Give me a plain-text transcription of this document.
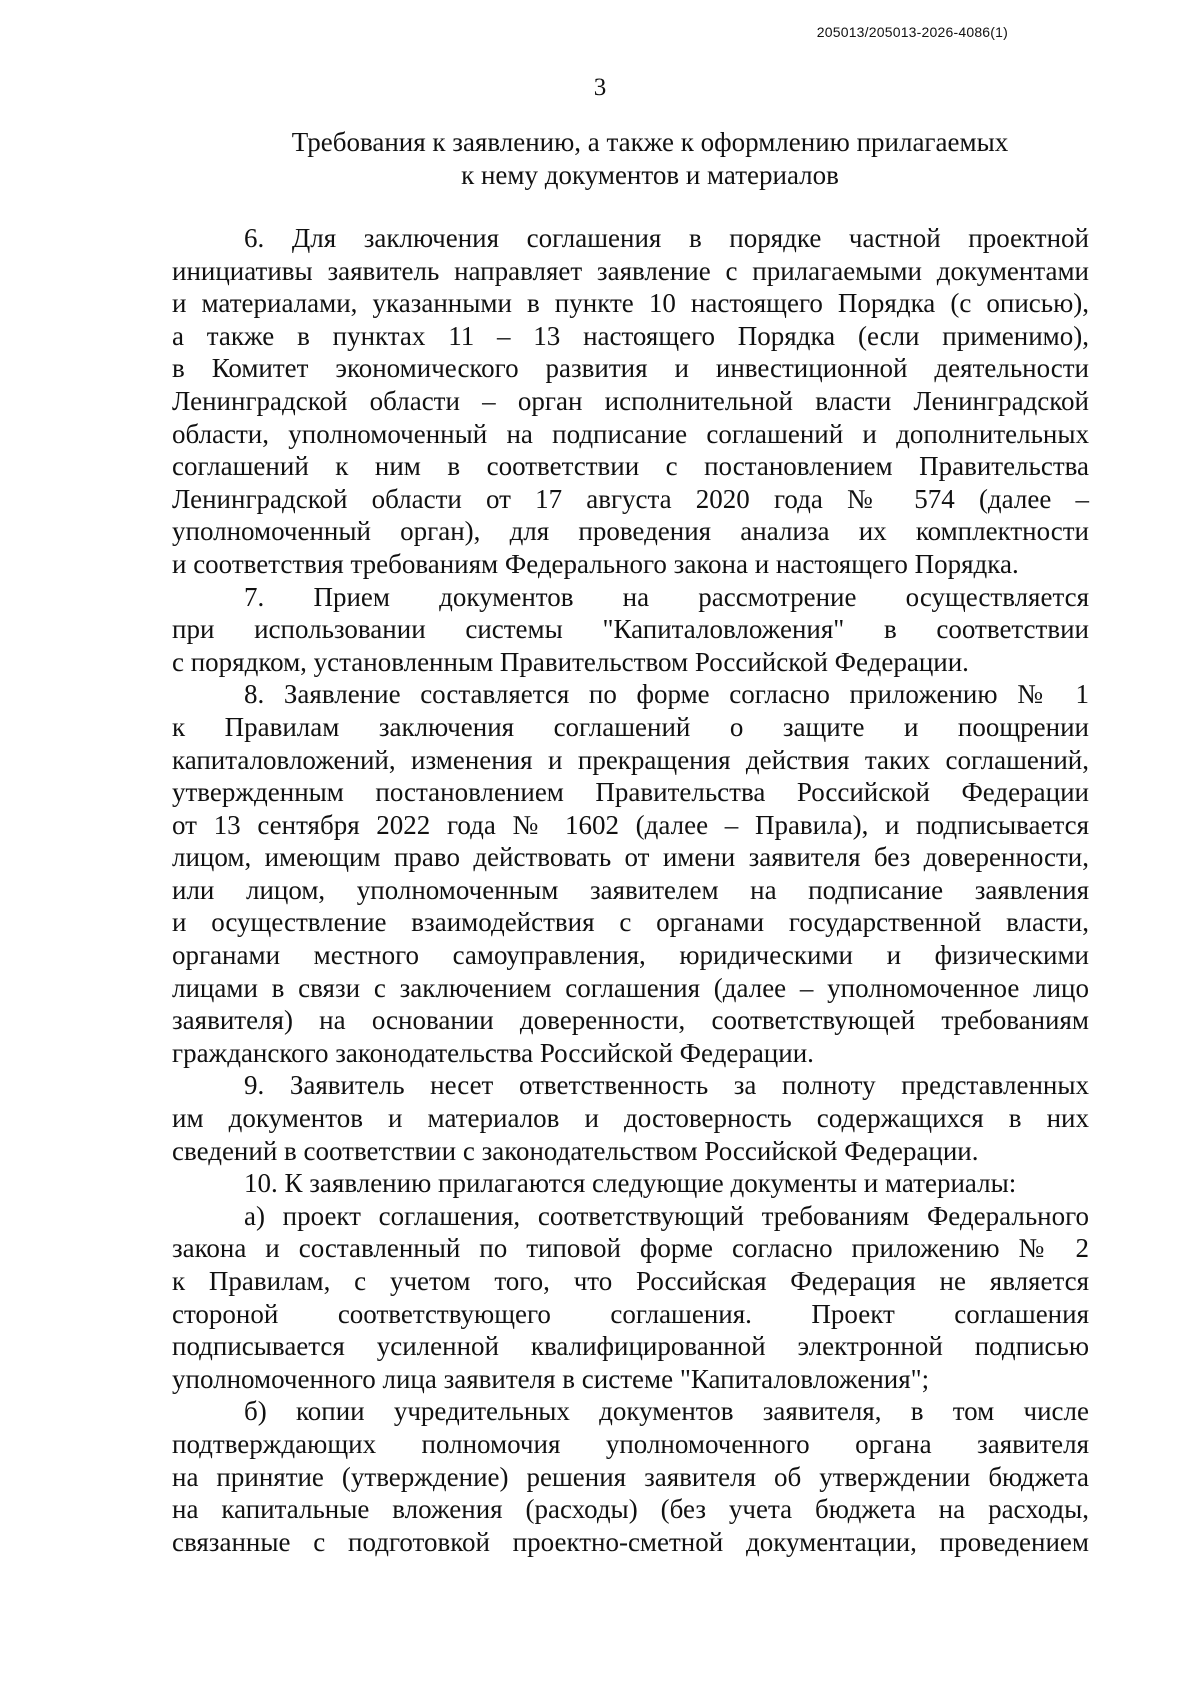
205013/205013-2026-4086(1)
3
Требования к заявлению, а также к оформлению прилагаемых
к нему документов и материалов
6. Для заключения соглашения в порядке частной проектной
инициативы заявитель направляет заявление с прилагаемыми документами
и материалами, указанными в пункте 10 настоящего Порядка (с описью),
а также в пунктах 11 – 13 настоящего Порядка (если применимо),
в Комитет экономического развития и инвестиционной деятельности
Ленинградской области – орган исполнительной власти Ленинградской
области, уполномоченный на подписание соглашений и дополнительных
соглашений к ним в соответствии с постановлением Правительства
Ленинградской области от 17 августа 2020 года № 574 (далее –
уполномоченный орган), для проведения анализа их комплектности
и соответствия требованиям Федерального закона и настоящего Порядка.
7. Прием документов на рассмотрение осуществляется
при использовании системы "Капиталовложения" в соответствии
с порядком, установленным Правительством Российской Федерации.
8. Заявление составляется по форме согласно приложению № 1
к Правилам заключения соглашений о защите и поощрении
капиталовложений, изменения и прекращения действия таких соглашений,
утвержденным постановлением Правительства Российской Федерации
от 13 сентября 2022 года № 1602 (далее – Правила), и подписывается
лицом, имеющим право действовать от имени заявителя без доверенности,
или лицом, уполномоченным заявителем на подписание заявления
и осуществление взаимодействия с органами государственной власти,
органами местного самоуправления, юридическими и физическими
лицами в связи с заключением соглашения (далее – уполномоченное лицо
заявителя) на основании доверенности, соответствующей требованиям
гражданского законодательства Российской Федерации.
9. Заявитель несет ответственность за полноту представленных
им документов и материалов и достоверность содержащихся в них
сведений в соответствии с законодательством Российской Федерации.
10. К заявлению прилагаются следующие документы и материалы:
а) проект соглашения, соответствующий требованиям Федерального
закона и составленный по типовой форме согласно приложению № 2
к Правилам, с учетом того, что Российская Федерация не является
стороной соответствующего соглашения. Проект соглашения
подписывается усиленной квалифицированной электронной подписью
уполномоченного лица заявителя в системе "Капиталовложения";
б) копии учредительных документов заявителя, в том числе
подтверждающих полномочия уполномоченного органа заявителя
на принятие (утверждение) решения заявителя об утверждении бюджета
на капитальные вложения (расходы) (без учета бюджета на расходы,
связанные с подготовкой проектно-сметной документации, проведением
